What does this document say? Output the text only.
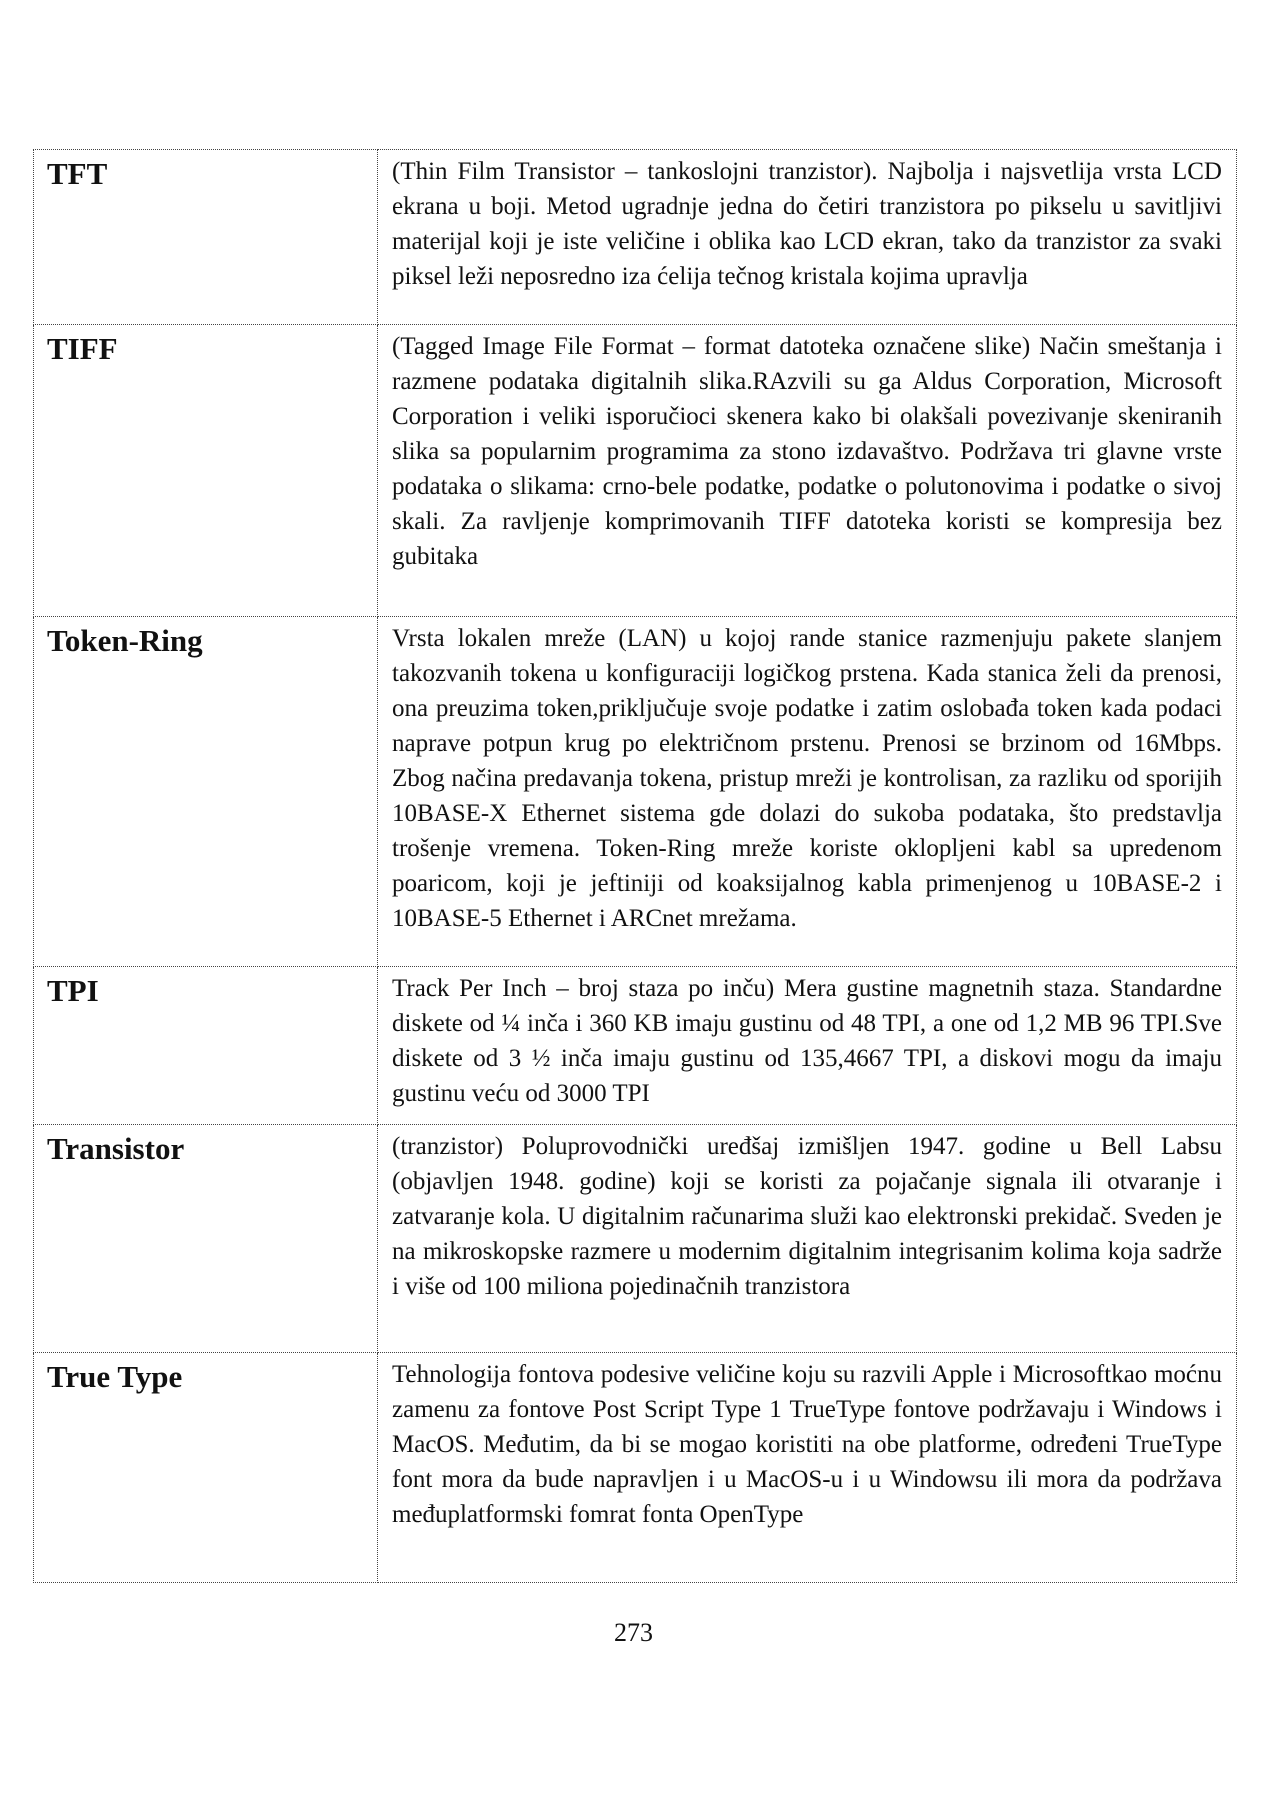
TFT	(Thin Film Transistor – tankoslojni tranzistor). Najbolja i najsvetlija vrsta LCD ekrana u boji. Metod ugradnje jedna do četiri tranzistora po pikselu u savitljivi materijal koji je iste veličine i oblika kao LCD ekran, tako da tranzistor za svaki piksel leži neposredno iza ćelija tečnog kristala kojima upravlja

TIFF	(Tagged Image File Format – format datoteka označene slike) Način smeštanja i razmene podataka digitalnih slika.RAzvili su ga Aldus Corporation, Microsoft Corporation i veliki isporučioci skenera kako bi olakšali povezivanje skeniranih slika sa popularnim programima za stono izdavaštvo. Podržava tri glavne vrste podataka o slikama: crno-bele podatke, podatke o polutonovima i podatke o sivoj skali. Za ravljenje komprimovanih TIFF datoteka koristi se kompresija bez gubitaka

Token-Ring	Vrsta lokalen mreže (LAN) u kojoj rande stanice razmenjuju pakete slanjem takozvanih tokena u konfiguraciji logičkog prstena. Kada stanica želi da prenosi, ona preuzima token,priključuje svoje podatke i zatim oslobađa token kada podaci naprave potpun krug po električnom prstenu. Prenosi se brzinom od 16Mbps. Zbog načina predavanja tokena, pristup mreži je kontrolisan, za razliku od sporijih 10BASE-X Ethernet sistema gde dolazi do sukoba podataka, što predstavlja trošenje vremena. Token-Ring mreže koriste oklopljeni kabl sa upredenom poaricom, koji je jeftiniji od koaksijalnog kabla primenjenog u 10BASE-2 i 10BASE-5 Ethernet i ARCnet mrežama.

TPI	Track Per Inch – broj staza po inču) Mera gustine magnetnih staza. Standardne diskete od ¼ inča i 360 KB imaju gustinu od 48 TPI, a one od 1,2 MB 96 TPI.Sve diskete od 3 ½ inča imaju gustinu od 135,4667 TPI, a diskovi mogu da imaju gustinu veću od 3000 TPI

Transistor	(tranzistor) Poluprovodnički uređšaj izmišljen 1947. godine u Bell Labsu (objavljen 1948. godine) koji se koristi za pojačanje signala ili otvaranje i zatvaranje kola. U digitalnim računarima služi kao elektronski prekidač. Sveden je na mikroskopske razmere u modernim digitalnim integrisanim kolima koja sadrže i više od 100 miliona pojedinačnih tranzistora

True Type	Tehnologija fontova podesive veličine koju su razvili Apple i Microsoftkao moćnu zamenu za fontove Post Script Type 1 TrueType fontove podržavaju i Windows i MacOS. Međutim, da bi se mogao koristiti na obe platforme, određeni TrueType font mora da bude napravljen i u MacOS-u i u Windowsu ili mora da podržava međuplatformski fomrat fonta OpenType

273
